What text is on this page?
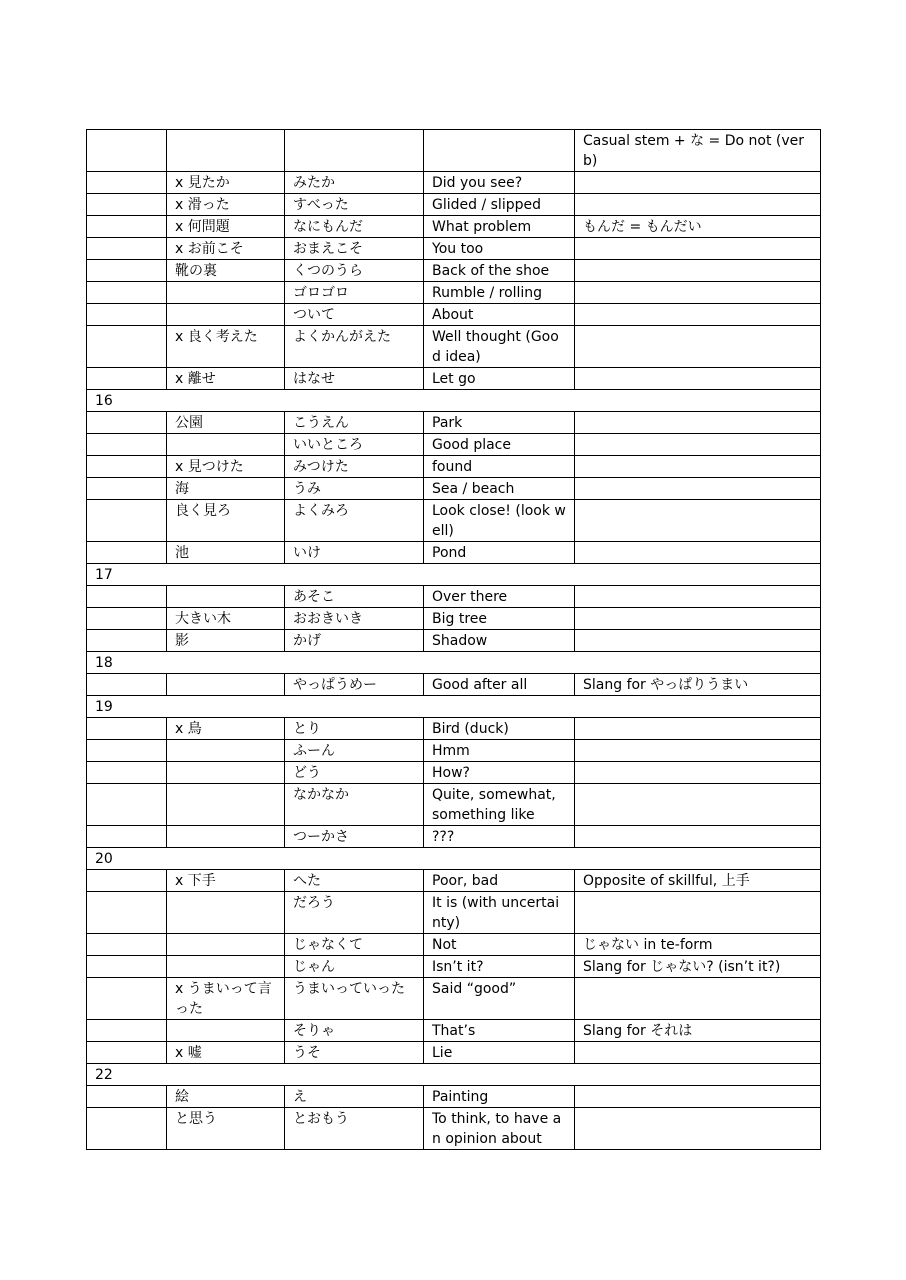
				Casual stem + な = Do not (verb)
	x 見たか	みたか	Did you see?	
	x 滑った	すべった	Glided / slipped	
	x 何問題	なにもんだ	What problem	もんだ = もんだい
	x お前こそ	おまえこそ	You too	
	靴の裏	くつのうら	Back of the shoe	
		ゴロゴロ	Rumble / rolling	
		ついて	About	
	x 良く考えた	よくかんがえた	Well thought (Good idea)	
	x 離せ	はなせ	Let go	
16				
	公園	こうえん	Park	
		いいところ	Good place	
	x 見つけた	みつけた	found	
	海	うみ	Sea / beach	
	良く見ろ	よくみろ	Look close! (look well)	
	池	いけ	Pond	
17				
		あそこ	Over there	
	大きい木	おおきいき	Big tree	
	影	かげ	Shadow	
18				
		やっぱうめー	Good after all	Slang for やっぱりうまい
19				
	x 鳥	とり	Bird (duck)	
		ふーん	Hmm	
		どう	How?	
		なかなか	Quite, somewhat, something like	
		つーかさ	???	
20				
	x 下手	へた	Poor, bad	Opposite of skillful, 上手
		だろう	It is (with uncertainty)	
		じゃなくて	Not	じゃない in te-form
		じゃん	Isn’t it?	Slang for じゃない? (isn’t it?)
	x うまいって言った	うまいっていった	Said “good”	
		そりゃ	That’s	Slang for それは
	x 嘘	うそ	Lie	
22				
	絵	え	Painting	
	と思う	とおもう	To think, to have an opinion about	
